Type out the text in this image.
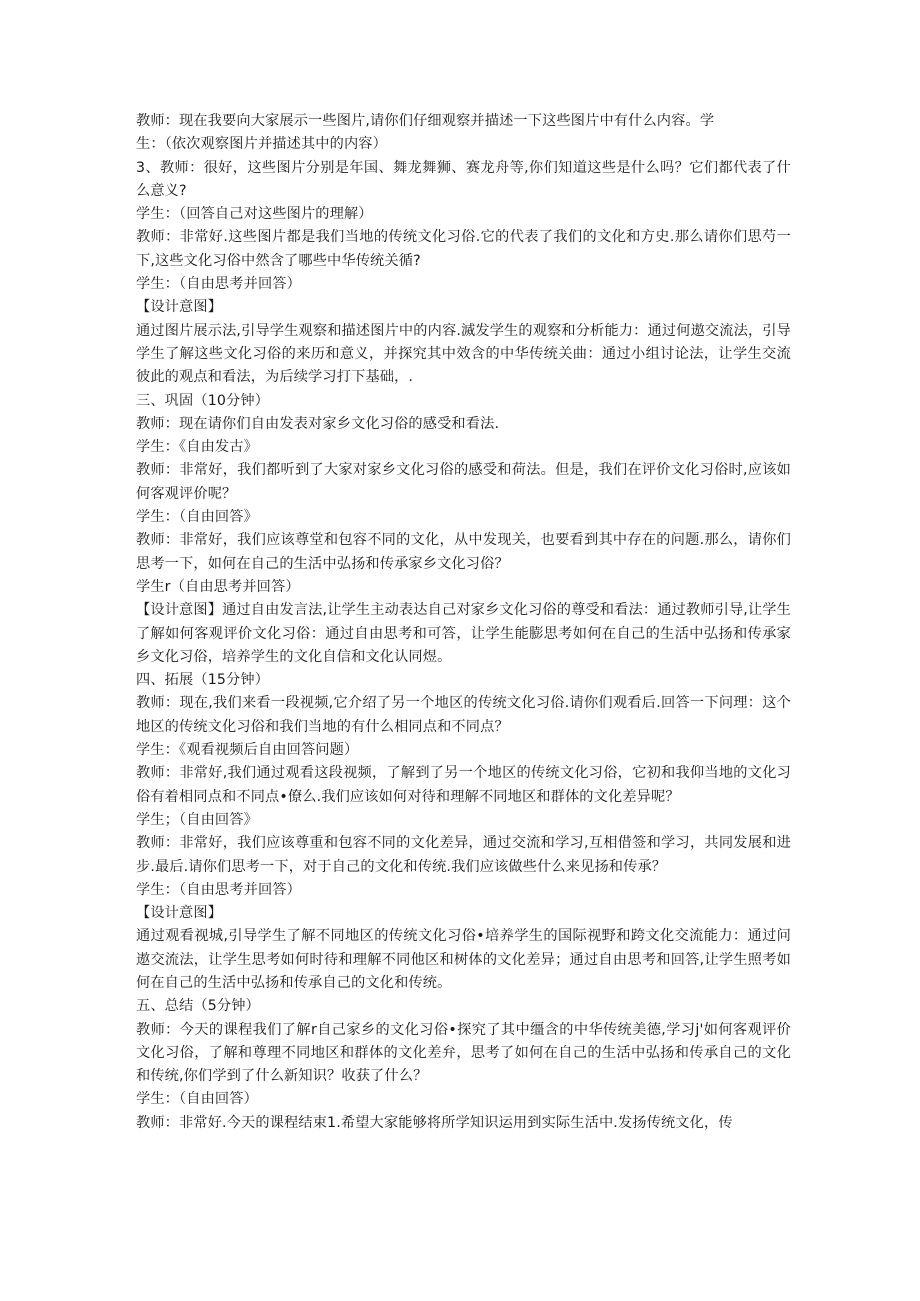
教师：现在我要向大家展示一些图片,请你们仔细观察并描述一下这些图片中有什么内容。学

生：（依次观察图片并描述其中的内容）

3、教师：很好，这些图片分别是年国、舞龙舞狮、赛龙舟等,你们知道这些是什么吗？它们都代表了什么意义?

学生：（回答自己对这些图片的理解）

教师：非常好.这些图片都是我们当地的传统文化习俗.它的代表了我们的文化和方史.那么请你们思芍一下,这些文化习俗中然含了哪些中华传统关循?

学生：（自由思考并回答）

【设计意图】

通过图片展示法,引导学生观察和描述图片中的内容.滅发学生的观察和分析能力：通过何遨交流法，引导学生了解这些文化习俗的来历和意义，并探究其中效含的中华传统关曲：通过小组讨论法，让学生交流彼此的观点和看法，为后续学习打下基础，.

三、巩固（10分钟）

教师：现在请你们自由发表对家乡文化习俗的感受和看法.

学生：《自由发古》

教师：非常好，我们都听到了大家对家乡文化习俗的感受和荷法。但是，我们在评价文化习俗时,应该如何客观评价呢？

学生：（自由回答》

教师：非常好，我们应该尊堂和包容不同的文化，从中发现关，也要看到其中存在的问题.那么，请你们思考一下，如何在自己的生活中弘扬和传承家乡文化习俗？

学生r（自由思考并回答）

【设计意图】通过自由发言法,让学生主动表达自己对家乡文化习俗的尊受和看法：通过教师引导,让学生了解如何客观评价文化习俗：通过自由思考和可答，让学生能膨思考如何在自己的生活中弘扬和传承家乡文化习俗，培养学生的文化自信和文化认同煜。

四、拓展（15分钟）

教师：现在,我们来看一段视频,它介绍了另一个地区的传统文化习俗.请你们观看后.回答一下问理：这个地区的传统文化习俗和我们当地的有什么相同点和不同点？

学生：《观看视频后自由回答问题）

教师：非常好,我们通过观看这段视频，了解到了另一个地区的传统文化习俗，它初和我仰当地的文化习俗有着相同点和不同点•僚么.我们应该如何对待和理解不同地区和群体的文化差异呢？

学生；（自由回答》

教师：非常好，我们应该尊重和包容不同的文化差异，通过交流和学习,互相借签和学习，共同发展和进步.最后.请你们思考一下，对于自己的文化和传统.我们应该做些什么来见扬和传承？

学生：（自由思考并回答）

【设计意图】

通过观看视城,引导学生了解不同地区的传统文化习俗•培养学生的国际视野和跨文化交流能力：通过问遨交流法，让学生思考如何时待和理解不同他区和树体的文化差异；通过自由思考和回答,让学生照考如何在自己的生活中弘扬和传承自己的文化和传统。

五、总结（5分钟）

教师：今天的课程我们了解r自己家乡的文化习俗•探究了其中缰含的中华传统美德,学习j'如何客观评价文化习俗，了解和尊理不同地区和群体的文化差弁，思考了如何在自己的生活中弘扬和传承自己的文化和传统,你们学到了什么新知识？收获了什么？

学生：（自由回答）

教师：非常好.今天的课程结束1.希望大家能够将所学知识运用到实际生活中.发扬传统文化，传
